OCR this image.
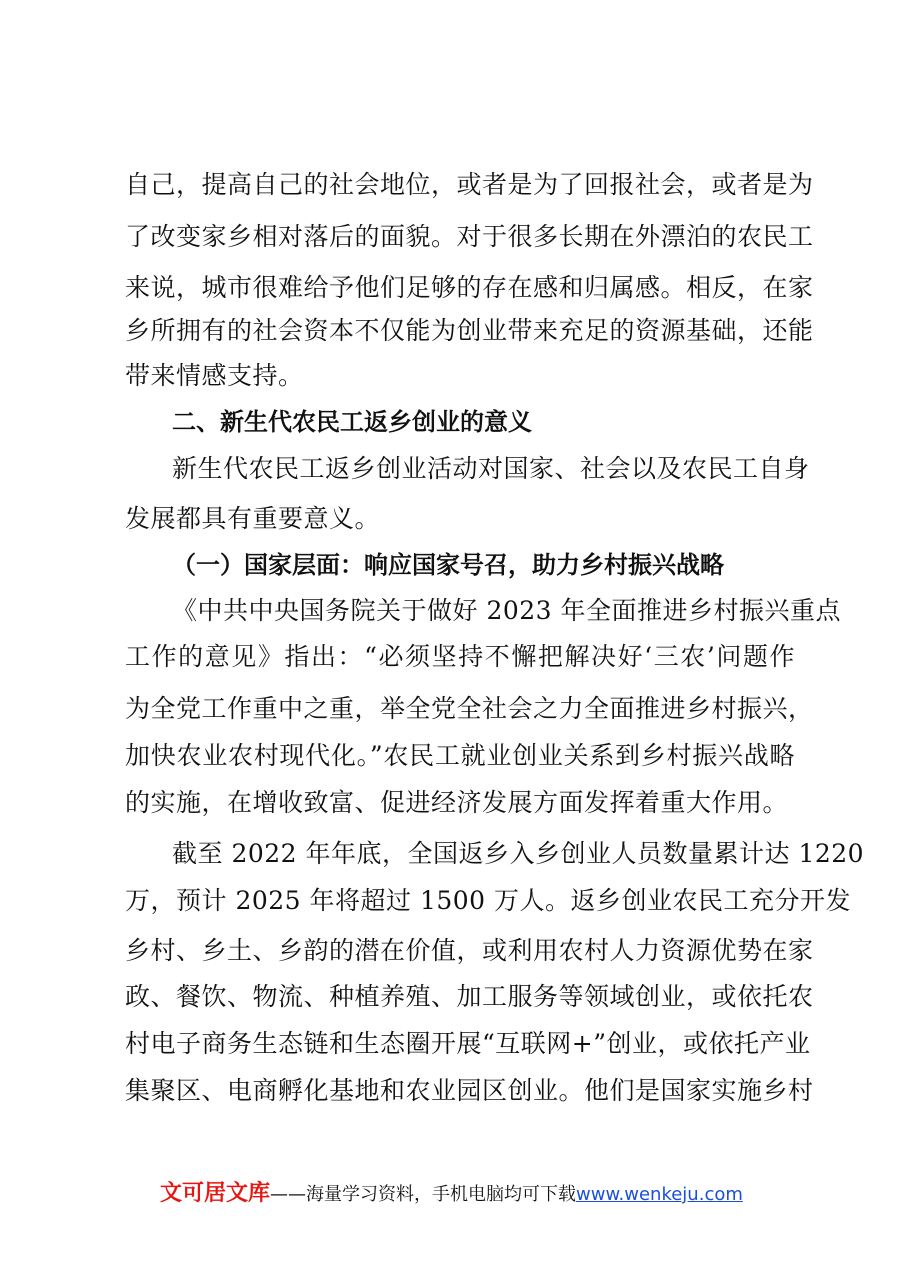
自己，提高自己的社会地位，或者是为了回报社会，或者是为
了改变家乡相对落后的面貌。对于很多长期在外漂泊的农民工
来说，城市很难给予他们足够的存在感和归属感。相反，在家
乡所拥有的社会资本不仅能为创业带来充足的资源基础，还能
带来情感支持。
二、新生代农民工返乡创业的意义
新生代农民工返乡创业活动对国家、社会以及农民工自身
发展都具有重要意义。
（一）国家层面：响应国家号召，助力乡村振兴战略
《中共中央国务院关于做好 2023 年全面推进乡村振兴重点
工作的意见》指出：“必须坚持不懈把解决好‘三农’问题作
为全党工作重中之重，举全党全社会之力全面推进乡村振兴，
加快农业农村现代化。”农民工就业创业关系到乡村振兴战略
的实施，在增收致富、促进经济发展方面发挥着重大作用。
截至 2022 年年底，全国返乡入乡创业人员数量累计达 1220
万，预计 2025 年将超过 1500 万人。返乡创业农民工充分开发
乡村、乡土、乡韵的潜在价值，或利用农村人力资源优势在家
政、餐饮、物流、种植养殖、加工服务等领域创业，或依托农
村电子商务生态链和生态圈开展“互联网+”创业，或依托产业
集聚区、电商孵化基地和农业园区创业。他们是国家实施乡村
文可居文库——海量学习资料，手机电脑均可下载www.wenkeju.com
